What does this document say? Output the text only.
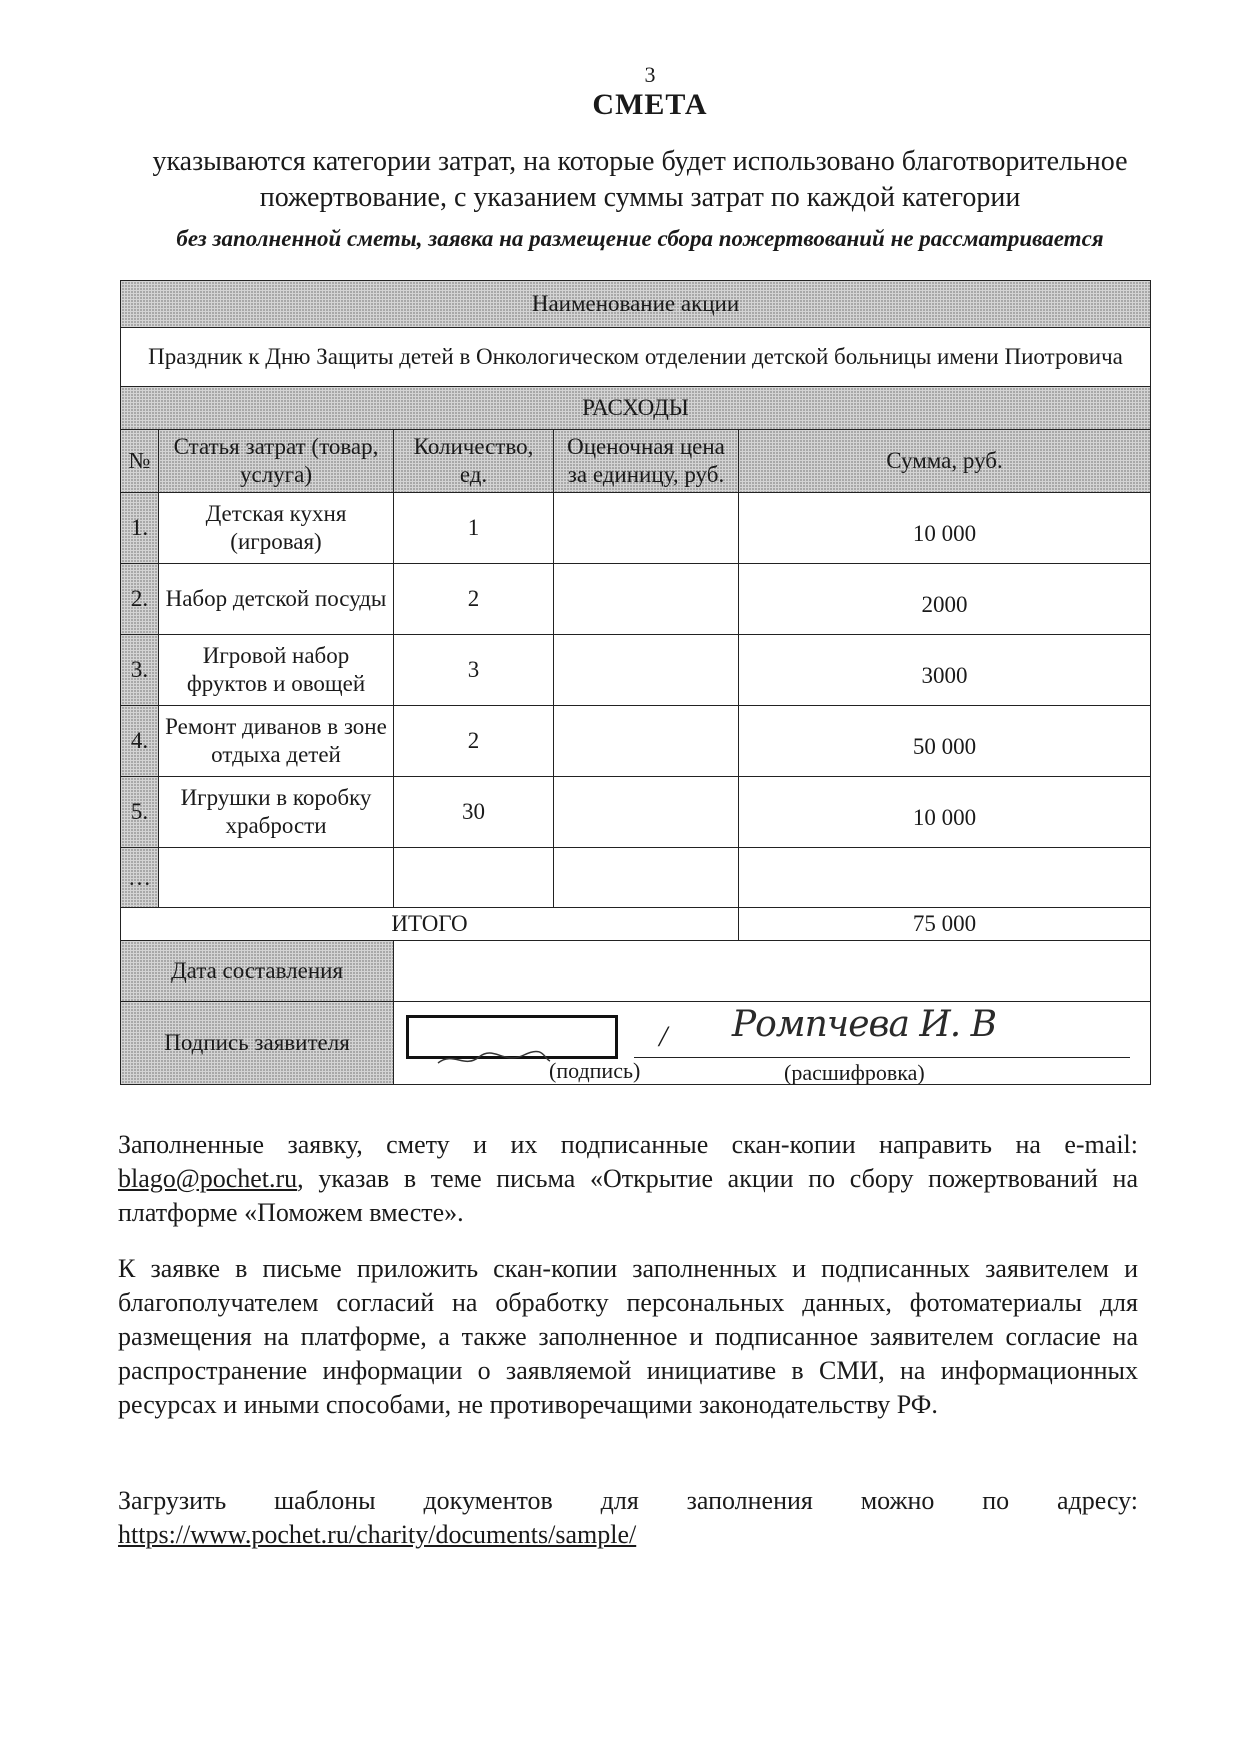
3
СМЕТА
указываются категории затрат, на которые будет использовано благотворительное пожертвование, с указанием суммы затрат по каждой категории
без заполненной сметы, заявка на размещение сбора пожертвований не рассматривается
Наименование акции				
Праздник к Дню Защиты детей в Онкологическом отделении детской больницы имени Пиотровича				
РАСХОДЫ				
№	Статья затрат (товар, услуга)	Количество, ед.	Оценочная цена за единицу, руб.	Сумма, руб.
1.	Детская кухня (игровая)	1		10 000
2.	Набор детской посуды	2		2000
3.	Игровой набор фруктов и овощей	3		3000
4.	Ремонт диванов в зоне отдыха детей	2		50 000
5.	Игрушки в коробку храбрости	30		10 000
…				
ИТОГО				75 000
Дата составления				
Подпись заявителя		/ Ромпчева И. В
(подпись) (расшифровка)		
Заполненные заявку, смету и их подписанные скан-копии направить на e-mail: blago@pochet.ru, указав в теме письма «Открытие акции по сбору пожертвований на платформе «Поможем вместе».
К заявке в письме приложить скан-копии заполненных и подписанных заявителем и благополучателем согласий на обработку персональных данных, фотоматериалы для размещения на платформе, а также заполненное и подписанное заявителем согласие на распространение информации о заявляемой инициативе в СМИ, на информационных ресурсах и иными способами, не противоречащими законодательству РФ.
Загрузить шаблоны документов для заполнения можно по адресу: https://www.pochet.ru/charity/documents/sample/
